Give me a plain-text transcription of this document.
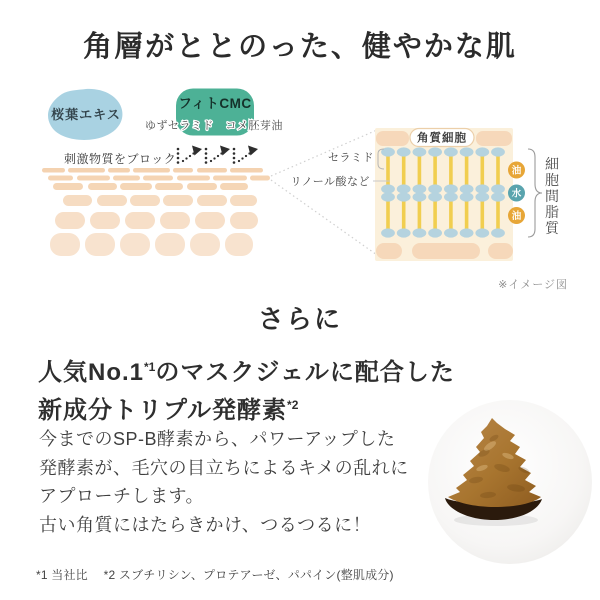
角層がととのった、健やかな肌
桜葉エキス
フィトCMC
ゆずセラミド　コメ胚芽油
刺激物質をブロック
角質細胞
セラミド
リノール酸など
油
水
油
細
胞
間
脂
質
※イメージ図
さらに
人気No.1$^{*1}$のマスクジェルに配合した
新成分トリプル発酵素$^{*2}$
今までのSP-B酵素から、パワーアップした
発酵素が、毛穴の目立ちによるキメの乱れに
アプローチします。
古い角質にはたらきかけ、つるつるに！
*1 当社比　 *2 スブチリシン、プロテアーゼ、パパイン(整肌成分)
